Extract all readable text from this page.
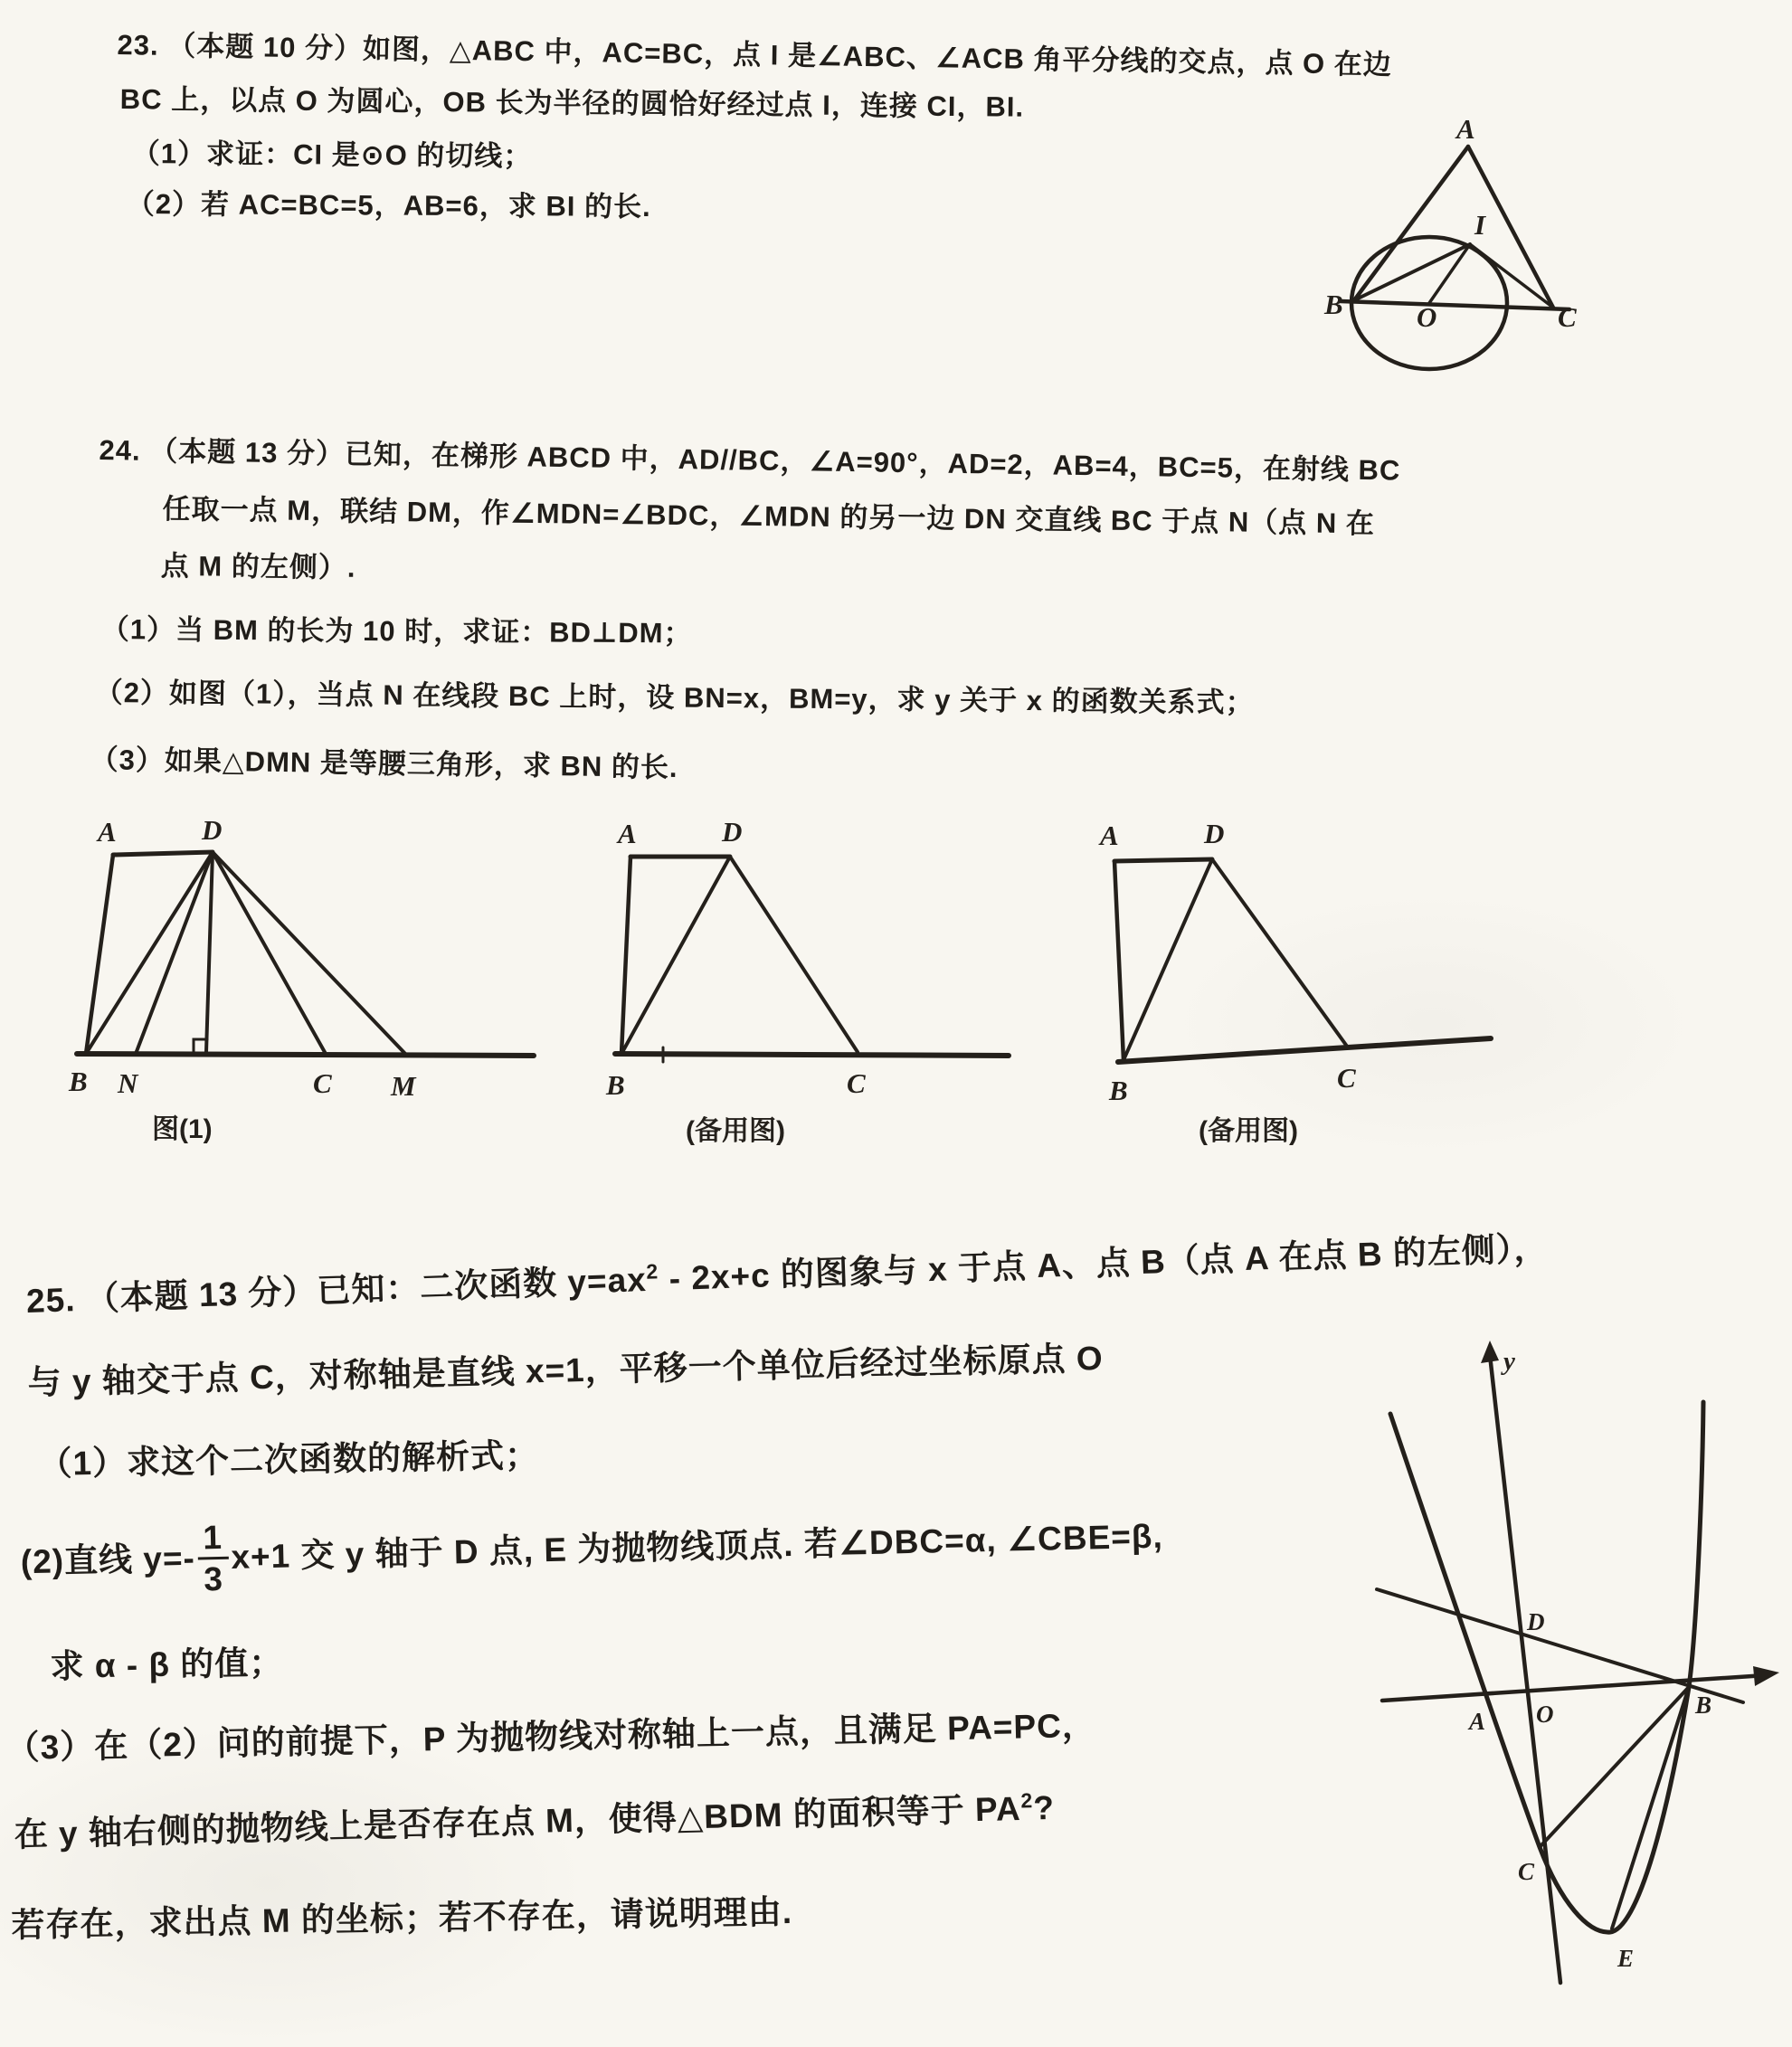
23. （本题 10 分）如图，△ABC 中，AC=BC，点 I 是∠ABC、∠ACB 角平分线的交点，点 O 在边
BC 上，以点 O 为圆心，OB 长为半径的圆恰好经过点 I，连接 CI，BI.
（1）求证：CI 是⊙O 的切线；
（2）若 AC=BC=5，AB=6，求 BI 的长.
A
B	C
I
O
24. （本题 13 分）已知，在梯形 ABCD 中，AD//BC，∠A=90°，AD=2，AB=4，BC=5，在射线 BC
任取一点 M，联结 DM，作∠MDN=∠BDC，∠MDN 的另一边 DN 交直线 BC 于点 N（点 N 在
点 M 的左侧）.
（1）当 BM 的长为 10 时，求证：BD⊥DM；
（2）如图（1），当点 N 在线段 BC 上时，设 BN=x，BM=y，求 y 关于 x 的函数关系式；
（3）如果△DMN 是等腰三角形，求 BN 的长.
A	D
B N	C M
图(1)
A	D
B	C
(备用图)
A	D
B	C
(备用图)
25. （本题 13 分）已知：二次函数 $y=ax^2 - 2x+c$ 的图象与 x 于点 A、点 B（点 A 在点 B 的左侧），
与 y 轴交于点 C，对称轴是直线 x=1，平移一个单位后经过坐标原点 O
（1）求这个二次函数的解析式；
(2)直线 $y=- \frac{1}{3} x+1$ 交 y 轴于 D 点, E 为抛物线顶点. 若∠DBC=α, ∠CBE=β,
求 α - β 的值；
（3）在（2）问的前提下，P 为抛物线对称轴上一点，且满足 PA=PC，
在 y 轴右侧的抛物线上是否存在点 M，使得△BDM 的面积等于 $PA^2$?
若存在，求出点 M 的坐标；若不存在，请说明理由.
y
D
A O	B
C
E
